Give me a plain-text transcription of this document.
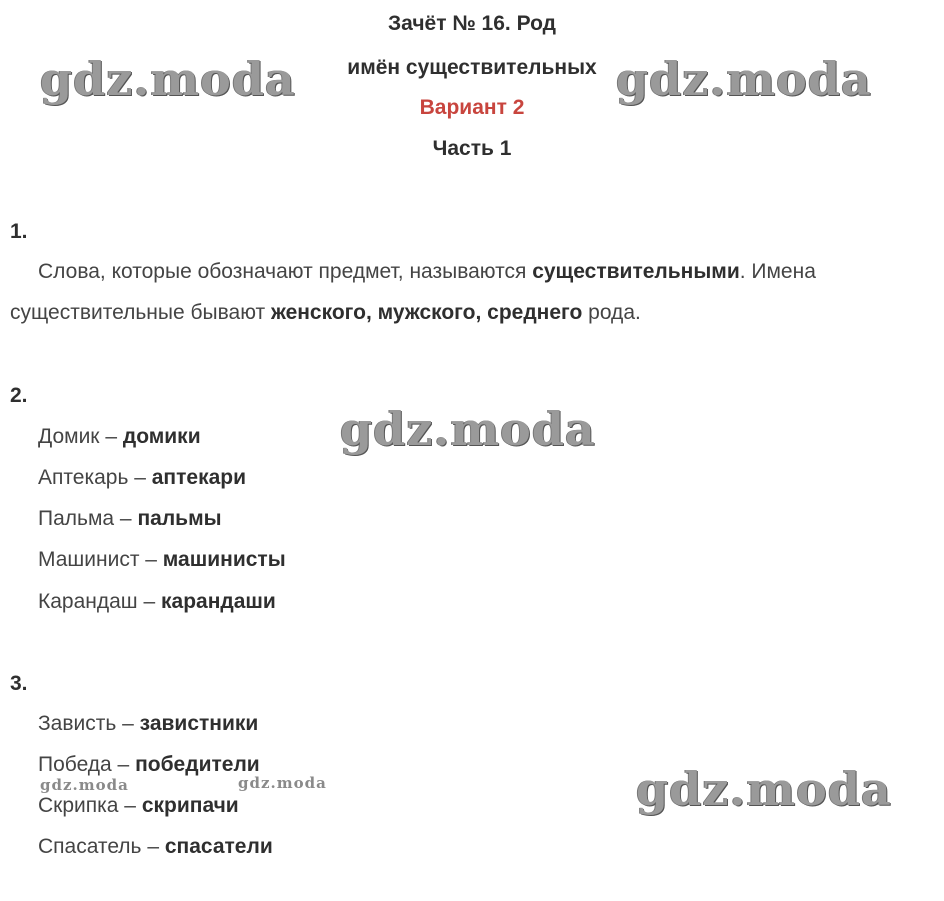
Зачёт № 16. Род
имён существительных
Вариант 2
Часть 1
gdz.moda	gdz.moda
gdz.moda
gdz.moda
gdz.moda	gdz.moda
1.
Слова, которые обозначают предмет, называются существительными. Имена
существительные бывают женского, мужского, среднего рода.
2.
Домик – домики
Аптекарь – аптекари
Пальма – пальмы
Машинист – машинисты
Карандаш – карандаши
3.
Зависть – завистники
Победа – победители
Скрипка – скрипачи
Спасатель – спасатели
